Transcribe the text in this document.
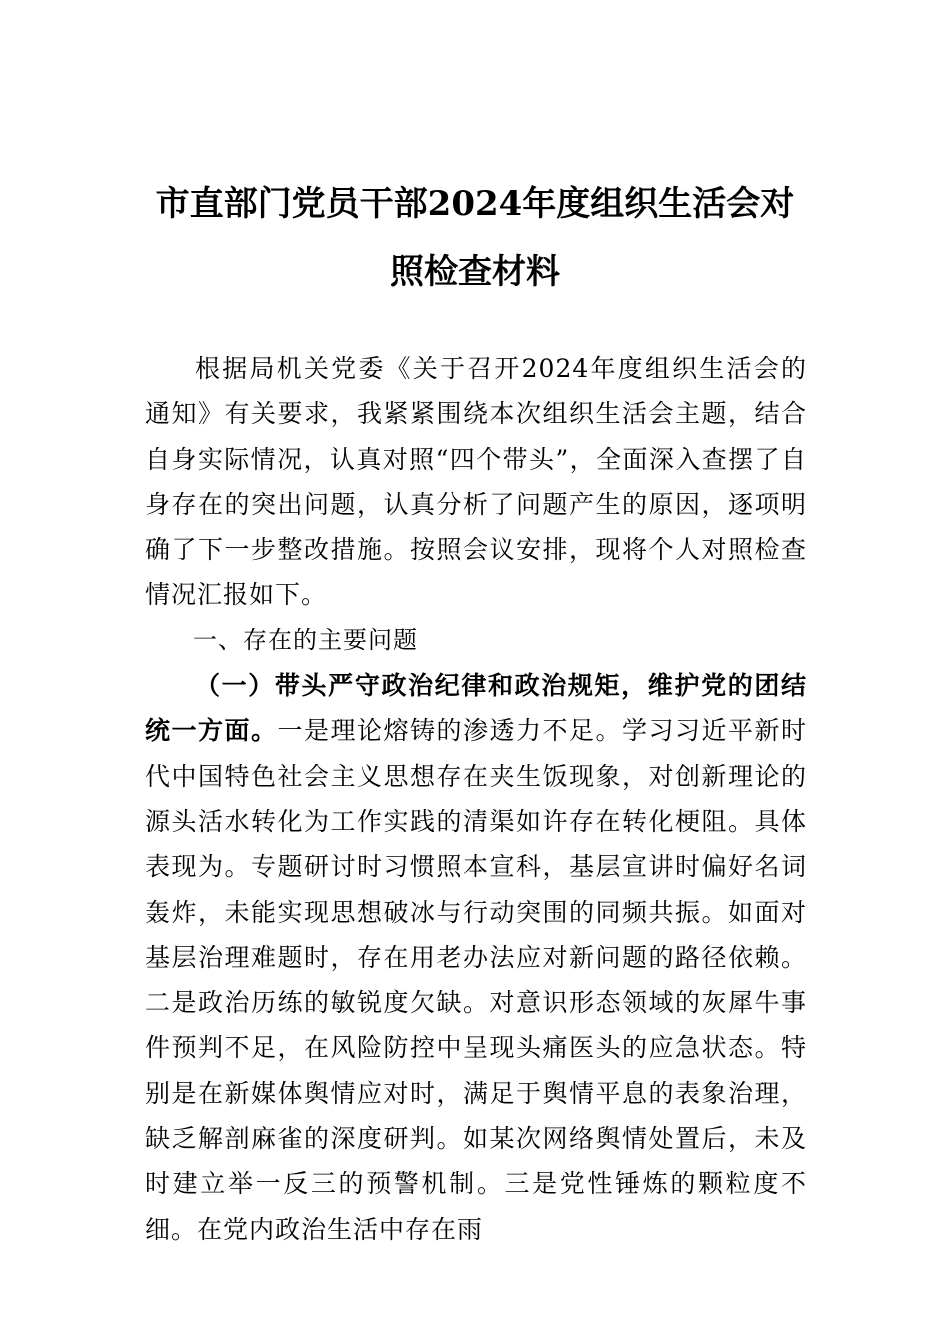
市直部门党员干部2024年度组织生活会对
照检查材料

根据局机关党委《关于召开2024年度组织生活会的通知》有关要求，我紧紧围绕本次组织生活会主题，结合自身实际情况，认真对照“四个带头”，全面深入查摆了自身存在的突出问题，认真分析了问题产生的原因，逐项明确了下一步整改措施。按照会议安排，现将个人对照检查情况汇报如下。

一、存在的主要问题

（一）带头严守政治纪律和政治规矩，维护党的团结统一方面。一是理论熔铸的渗透力不足。学习习近平新时代中国特色社会主义思想存在夹生饭现象，对创新理论的源头活水转化为工作实践的清渠如许存在转化梗阻。具体表现为。专题研讨时习惯照本宣科，基层宣讲时偏好名词轰炸，未能实现思想破冰与行动突围的同频共振。如面对基层治理难题时，存在用老办法应对新问题的路径依赖。二是政治历练的敏锐度欠缺。对意识形态领域的灰犀牛事件预判不足，在风险防控中呈现头痛医头的应急状态。特别是在新媒体舆情应对时，满足于舆情平息的表象治理，缺乏解剖麻雀的深度研判。如某次网络舆情处置后，未及时建立举一反三的预警机制。三是党性锤炼的颗粒度不细。在党内政治生活中存在雨
